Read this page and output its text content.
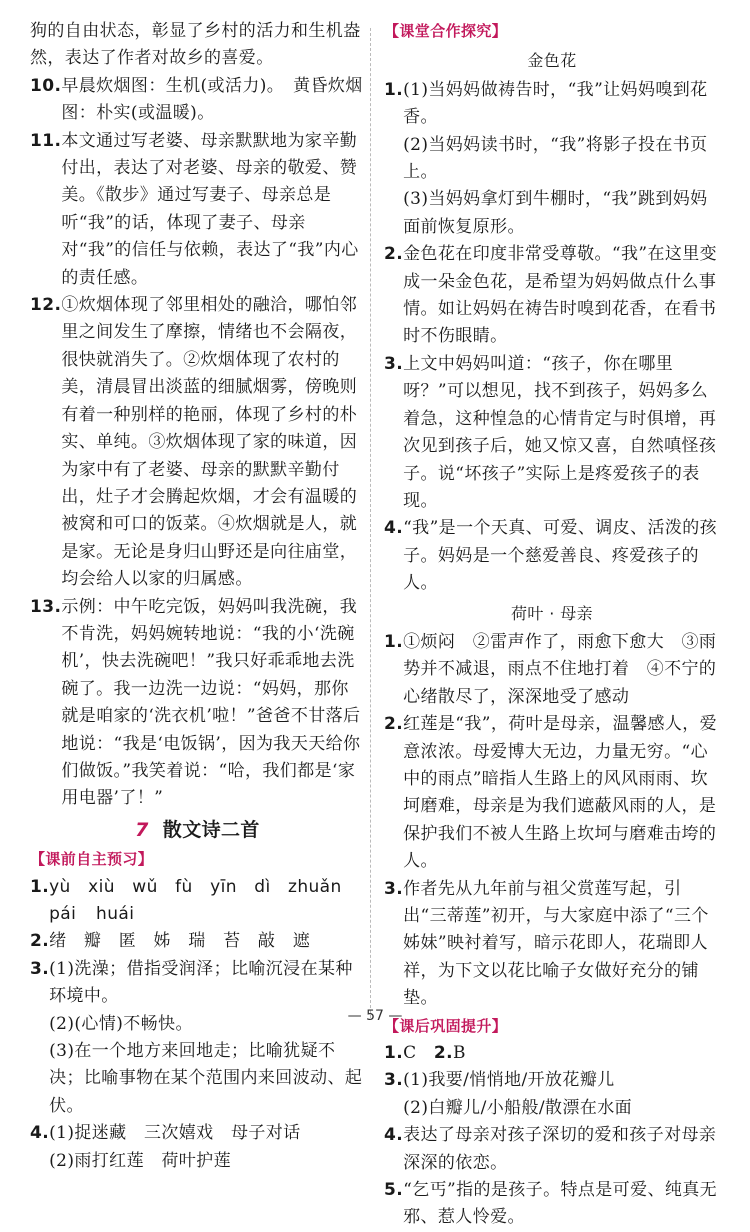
狗的自由状态，彰显了乡村的活力和生机盎
然，表达了作者对故乡的喜爱。

10. 早晨炊烟图：生机(或活力)。　黄昏炊烟图：朴实(或温暖)。
11. 本文通过写老婆、母亲默默地为家辛勤付出，表达了对老婆、母亲的敬爱、赞美。《散步》通过写妻子、母亲总是听“我”的话，体现了妻子、母亲对“我”的信任与依赖，表达了“我”内心的责任感。
12. ①炊烟体现了邻里相处的融洽，哪怕邻里之间发生了摩擦，情绪也不会隔夜，很快就消失了。②炊烟体现了农村的美，清晨冒出淡蓝的细腻烟雾，傍晚则有着一种别样的艳丽，体现了乡村的朴实、单纯。③炊烟体现了家的味道，因为家中有了老婆、母亲的默默辛勤付出，灶子才会腾起炊烟，才会有温暖的被窝和可口的饭菜。④炊烟就是人，就是家。无论是身归山野还是向往庙堂，均会给人以家的归属感。
13. 示例：中午吃完饭，妈妈叫我洗碗，我不肯洗，妈妈婉转地说：“我的小‘洗碗机’，快去洗碗吧！”我只好乖乖地去洗碗了。我一边洗一边说：“妈妈，那你就是咱家的‘洗衣机’啦！”爸爸不甘落后地说：“我是‘电饭锅’，因为我天天给你们做饭。”我笑着说：“哈，我们都是‘家用电器’了！”
7 散文诗二首
【课前自主预习】
1. yù　xiù　wǔ　fù　yīn　dì　zhuǎn
pái huái
2. 绪　瓣　匿　姊　瑞　苔　敲　遮
3. (1)洗澡；借指受润泽；比喻沉浸在某种环境中。

(2)(心情)不畅快。

(3)在一个地方来回地走；比喻犹疑不决；比喻事物在某个范围内来回波动、起伏。

4. (1)捉迷藏　三次嬉戏　母子对话

(2)雨打红莲　荷叶护莲

【课堂合作探究】
金色花
1. (1)当妈妈做祷告时，“我”让妈妈嗅到花香。

(2)当妈妈读书时，“我”将影子投在书页上。

(3)当妈妈拿灯到牛棚时，“我”跳到妈妈面前恢复原形。

2. 金色花在印度非常受尊敬。“我”在这里变成一朵金色花，是希望为妈妈做点什么事情。如让妈妈在祷告时嗅到花香，在看书时不伤眼睛。
3. 上文中妈妈叫道：“孩子，你在哪里呀？”可以想见，找不到孩子，妈妈多么着急，这种惶急的心情肯定与时俱增，再次见到孩子后，她又惊又喜，自然嗔怪孩子。说“坏孩子”实际上是疼爱孩子的表现。
4. “我”是一个天真、可爱、调皮、活泼的孩子。妈妈是一个慈爱善良、疼爱孩子的人。
荷叶 · 母亲
1. ①烦闷　②雷声作了，雨愈下愈大　③雨势并不减退，雨点不住地打着　④不宁的心绪散尽了，深深地受了感动
2. 红莲是“我”，荷叶是母亲，温馨感人，爱意浓浓。母爱博大无边，力量无穷。“心中的雨点”暗指人生路上的风风雨雨、坎坷磨难，母亲是为我们遮蔽风雨的人，是保护我们不被人生路上坎坷与磨难击垮的人。
3. 作者先从九年前与祖父赏莲写起，引出“三蒂莲”初开，与大家庭中添了“三个姊妹”映衬着写，暗示花即人，花瑞即人祥，为下文以花比喻子女做好充分的铺垫。
【课后巩固提升】
1. C　 2. B
3. (1)我要/悄悄地/开放花瓣儿

(2)白瓣儿/小船般/散漂在水面

4. 表达了母亲对孩子深切的爱和孩子对母亲深深的依恋。
5. “乞丐”指的是孩子。特点是可爱、纯真无邪、惹人怜爱。
— 57 —
